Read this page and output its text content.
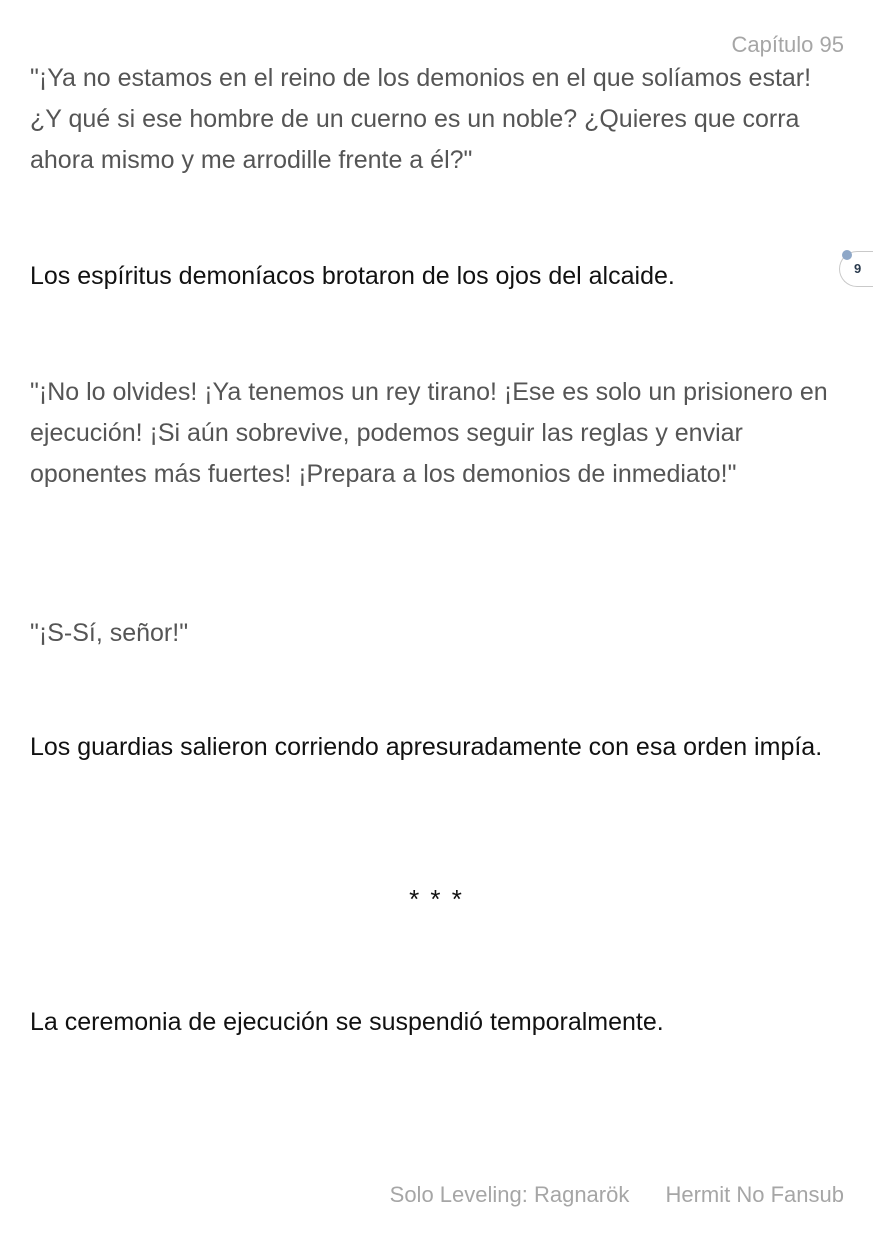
Capítulo 95

"¡Ya no estamos en el reino de los demonios en el que solíamos estar! ¿Y qué si ese hombre de un cuerno es un noble? ¿Quieres que corra ahora mismo y me arrodille frente a él?"

Los espíritus demoníacos brotaron de los ojos del alcaide.	9

"¡No lo olvides! ¡Ya tenemos un rey tirano! ¡Ese es solo un prisionero en ejecución! ¡Si aún sobrevive, podemos seguir las reglas y enviar oponentes más fuertes! ¡Prepara a los demonios de inmediato!"

"¡S-Sí, señor!"

Los guardias salieron corriendo apresuradamente con esa orden impía.

* * *

La ceremonia de ejecución se suspendió temporalmente.

Solo Leveling: Ragnarök Hermit No Fansub
